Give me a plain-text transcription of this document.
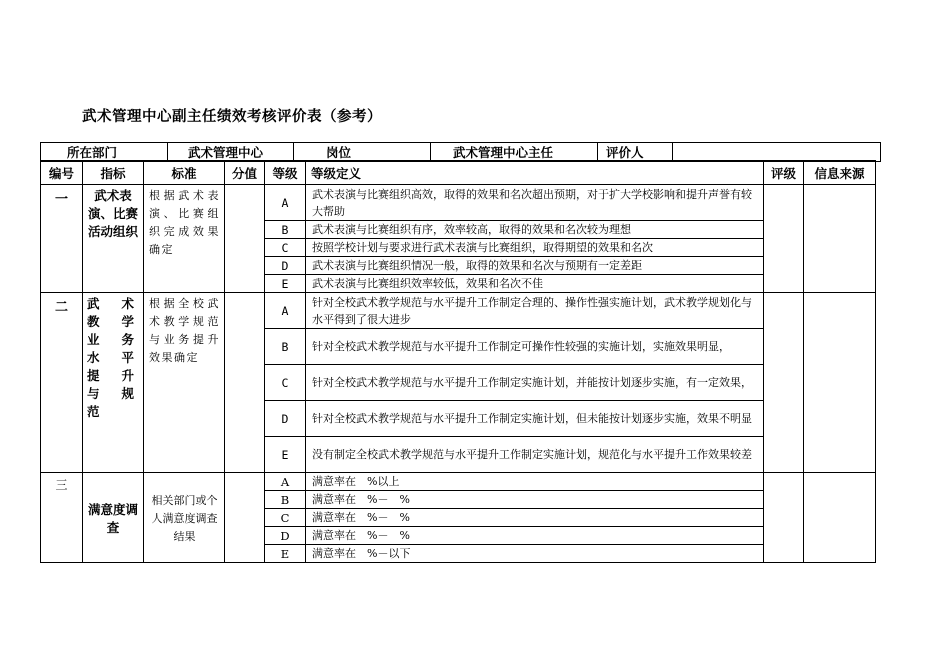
武术管理中心副主任绩效考核评价表（参考）
所在部门	武术管理中心	岗位	武术管理中心主任	评价人	
编号	指标	标准	分值	等级	等级定义	评级	信息来源
一	武术表演、比赛活动组织	根据武术表演、比赛组织完成效果确定		A	武术表演与比赛组织高效，取得的效果和名次超出预期，对于扩大学校影响和提升声誉有较大帮助		
				B	武术表演与比赛组织有序，效率较高，取得的效果和名次较为理想		
				C	按照学校计划与要求进行武术表演与比赛组织，取得期望的效果和名次		
				D	武术表演与比赛组织情况一般，取得的效果和名次与预期有一定差距		
				E	武术表演与比赛组织效率较低，效果和名次不佳		
二	武术教学业务水平提升与规范	根据全校武术教学规范与业务提升效果确定		A	针对全校武术教学规范与水平提升工作制定合理的、操作性强实施计划，武术教学规划化与水平得到了很大进步		
				B	针对全校武术教学规范与水平提升工作制定可操作性较强的实施计划，实施效果明显，		
				C	针对全校武术教学规范与水平提升工作制定实施计划，并能按计划逐步实施，有一定效果，		
				D	针对全校武术教学规范与水平提升工作制定实施计划，但未能按计划逐步实施，效果不明显		
				E	没有制定全校武术教学规范与水平提升工作制定实施计划，规范化与水平提升工作效果较差		
三	满意度调查	相关部门或个人满意度调查结果		A	满意率在　%以上		
				B	满意率在　%－　%		
				C	满意率在　%－　%		
				D	满意率在　%－　%		
				E	满意率在　%－以下		
